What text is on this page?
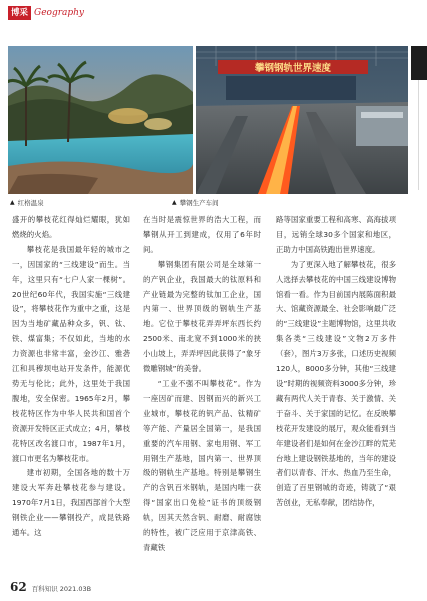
博采 Geography
攀钢钢轨世界速度
▲ 红格温泉	▲ 攀钢生产车间

盛开的攀枝花红得灿烂耀眼，犹如燃烧的火焰。

攀枝花是我国最年轻的城市之一，因国家的“三线建设”而生。当年，这里只有“七户人家一棵树”。20世纪60年代，我国实施“三线建设”，将攀枝花作为重中之重，这是因为当地矿藏品种众多，钒、钛、铁、煤富集；不仅如此，当地的水力资源也非常丰富，金沙江、雅砻江和具穆坝电站开发条件，能源优势无与伦比；此外，这里处于我国腹地，安全保密。1965年2月，攀枝花特区作为中华人民共和国首个资源开发特区正式成立；4月，攀枝花特区改名渡口市，1987年1月，渡口市更名为攀枝花市。

建市初期，全国各地的数十万建设大军奔赴攀枝花参与建设。1970年7月1日，我国西部首个大型钢铁企业——攀钢投产，成昆铁路通车。这

在当时是震惊世界的浩大工程，而攀钢从开工到建成，仅用了6年时间。

攀钢集团有限公司是全球第一的产钒企业，我国最大的钛原料和产业链最为完整的钛加工企业，国内第一、世界顶级的钢轨生产基地。它位于攀枝花弄弄坪东西长约2500米、南北宽不到1000米的狭小山坡上，弄弄坪因此获得了“象牙微雕钢城”的美誉。

“工业不强不叫攀枝花”。作为一座因矿而建、因钢而兴的新兴工业城市，攀枝花的钒产品、钛精矿等产能、产量居全国第一，是我国重要的汽车用钢、家电用钢、军工用钢生产基地，国内第一、世界顶级的钢轨生产基地。特别是攀钢生产的含钒百米钢轨，是国内唯一获得“国家出口免检”证书的顶级钢轨，因其天然含钒、耐磨、耐腐蚀的特性，被广泛应用于京津高铁、青藏铁

路等国家重要工程和高寒、高海拔项目，远销全球30多个国家和地区，正助力中国高铁跑出世界速度。

为了更深入地了解攀枝花，很多人选择去攀枝花的中国三线建设博物馆看一看。作为目前国内展陈面积最大、馆藏资源最全、社会影响最广泛的“三线建设”主题博物馆，这里共收集各类“三线建设”文物2万多件（套），图片3万多张，口述历史视频120人，8000多分钟，其他“三线建设”时期的视频资料3000多分钟，珍藏有两代人关于青春、关于激情、关于奋斗、关于家国的记忆。在反映攀枝花开发建设的展厅，观众能看到当年建设者们是如何在金沙江畔的荒芜台地上建设钢铁基地的，当年的建设者们以青春、汗水、热血乃至生命，创造了百里钢城的奇迹，铸就了“艰苦创业，无私奉献，团结协作，

62 百科知识 2021.03B
